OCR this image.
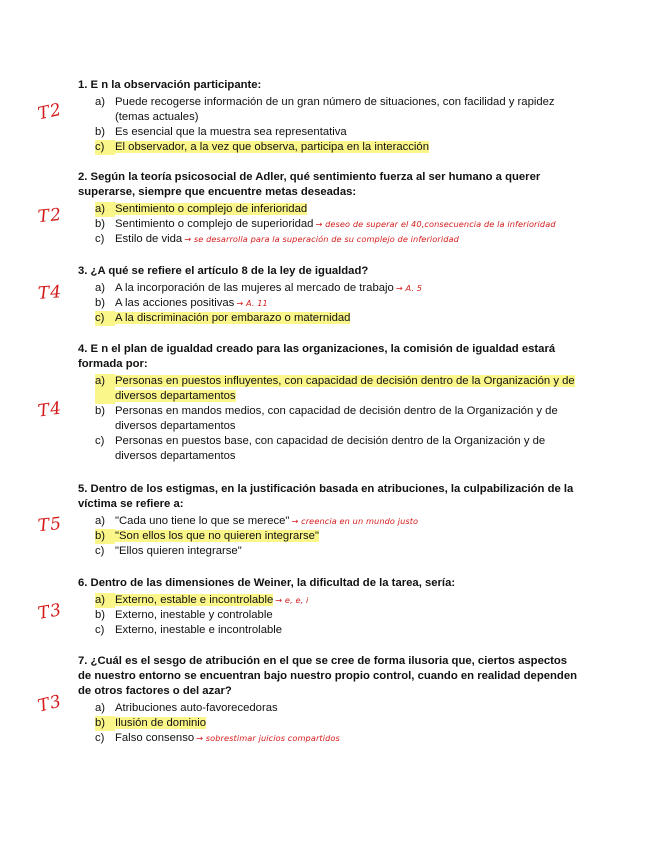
T2
T2
T4
T4
T5
T3
T3
1. E n la observación participante:
a) Puede recogerse información de un gran número de situaciones, con facilidad y rapidez (temas actuales)
b) Es esencial que la muestra sea representativa
c) El observador, a la vez que observa, participa en la interacción
2. Según la teoría psicosocial de Adler, qué sentimiento fuerza al ser humano a querer superarse, siempre que encuentre metas deseadas:
a) Sentimiento o complejo de inferioridad
b) Sentimiento o complejo de superioridad → deseo de superar el 40,consecuencia de la inferioridad
c) Estilo de vida → se desarrolla para la superación de su complejo de inferioridad
3. ¿A qué se refiere el artículo 8 de la ley de igualdad?
a) A la incorporación de las mujeres al mercado de trabajo → A. 5
b) A las acciones positivas → A. 11
c) A la discriminación por embarazo o maternidad
4. E n el plan de igualdad creado para las organizaciones, la comisión de igualdad estará formada por:
a) Personas en puestos influyentes, con capacidad de decisión dentro de la Organización y de diversos departamentos
b) Personas en mandos medios, con capacidad de decisión dentro de la Organización y de diversos departamentos
c) Personas en puestos base, con capacidad de decisión dentro de la Organización y de diversos departamentos
5. Dentro de los estigmas, en la justificación basada en atribuciones, la culpabilización de la víctima se refiere a:
a) "Cada uno tiene lo que se merece" → creencia en un mundo justo
b) "Son ellos los que no quieren integrarse"
c) "Ellos quieren integrarse"
6. Dentro de las dimensiones de Weiner, la dificultad de la tarea, sería:
a) Externo, estable e incontrolable → e, e, i
b) Externo, inestable y controlable
c) Externo, inestable e incontrolable
7. ¿Cuál es el sesgo de atribución en el que se cree de forma ilusoria que, ciertos aspectos de nuestro entorno se encuentran bajo nuestro propio control, cuando en realidad dependen de otros factores o del azar?
a) Atribuciones auto-favorecedoras
b) Ilusión de dominio
c) Falso consenso → sobrestimar juicios compartidos
